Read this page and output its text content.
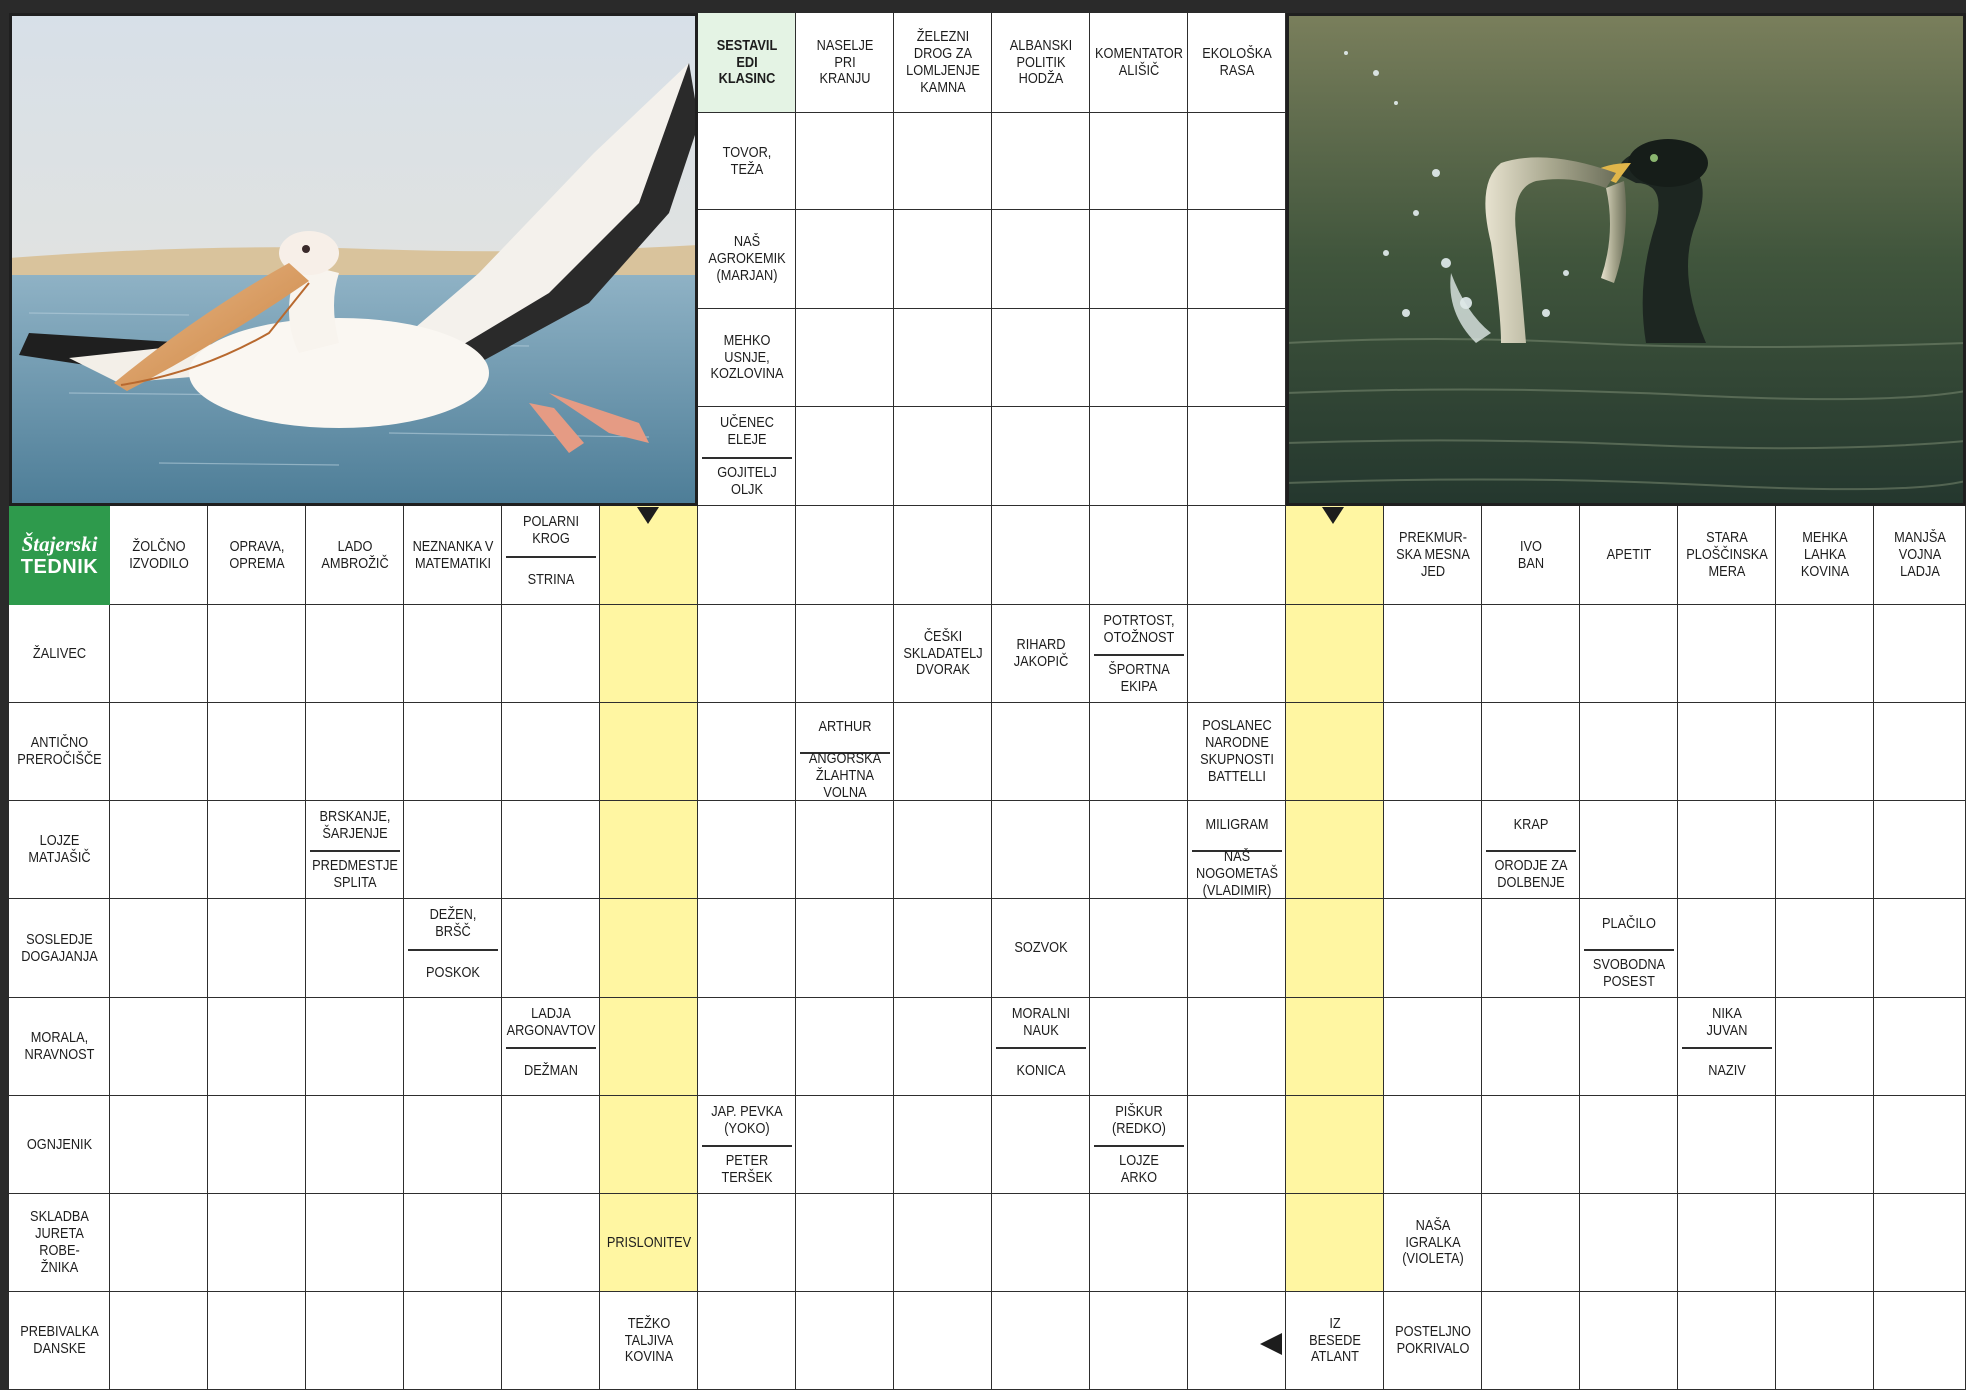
SESTAVIL
EDI
KLASINC
Štajerski
TEDNIK
ŽELEZNI
DROG ZA
LOMLJENJE
KAMNA
NASELJE
PRI
KRANJU
ALBANSKI
POLITIK
HODŽA
KOMENTATOR
ALIŠIČ
EKOLOŠKA
RASA
TOVOR,
TEŽA
NAŠ
AGROKEMIK
(MARJAN)
MEHKO
USNJE,
KOZLOVINA
UČENEC
ELEJE
GOJITELJ
OLJK
ŽOLČNO
IZVODILO
OPRAVA,
OPREMA
LADO
AMBROŽIČ
NEZNANKA V
MATEMATIKI
POLARNI
KROG
STRINA
PREKMUR-
SKA MESNA
JED
IVO
BAN
APETIT
STARA
PLOŠČINSKA
MERA
MEHKA
LAHKA
KOVINA
MANJŠA
VOJNA
LADJA
ŽALIVEC
ČEŠKI
SKLADATELJ
DVORAK
RIHARD
JAKOPIČ
POTRTOST,
OTOŽNOST
ŠPORTNA
EKIPA
ANTIČNO
PREROČIŠČE
ARTHUR
ANGORSKA
ŽLAHTNA
VOLNA
POSLANEC
NARODNE
SKUPNOSTI
BATTELLI
LOJZE
MATJAŠIČ
BRSKANJE,
ŠARJENJE
PREDMESTJE
SPLITA
MILIGRAM
NAŠ
NOGOMETAŠ
(VLADIMIR)
KRAP
ORODJE ZA
DOLBENJE
SOSLEDJE
DOGAJANJA
DEŽEN,
BRŠČ
POSKOK
SOZVOK
PLAČILO
SVOBODNA
POSEST
MORALA,
NRAVNOST
LADJA
ARGONAVTOV
DEŽMAN
MORALNI
NAUK
KONICA
NIKA
JUVAN
NAZIV
OGNJENIK
JAP. PEVKA
(YOKO)
PETER
TERŠEK
PIŠKUR
(REDKO)
LOJZE
ARKO
SKLADBA
JURETA ROBE-
ŽNIKA
PRISLONITEV
NAŠA
IGRALKA
(VIOLETA)
PREBIVALKA
DANSKE
TEŽKO
TALJIVA
KOVINA
IZ
BESEDE
ATLANT
POSTELJNO
POKRIVALO
